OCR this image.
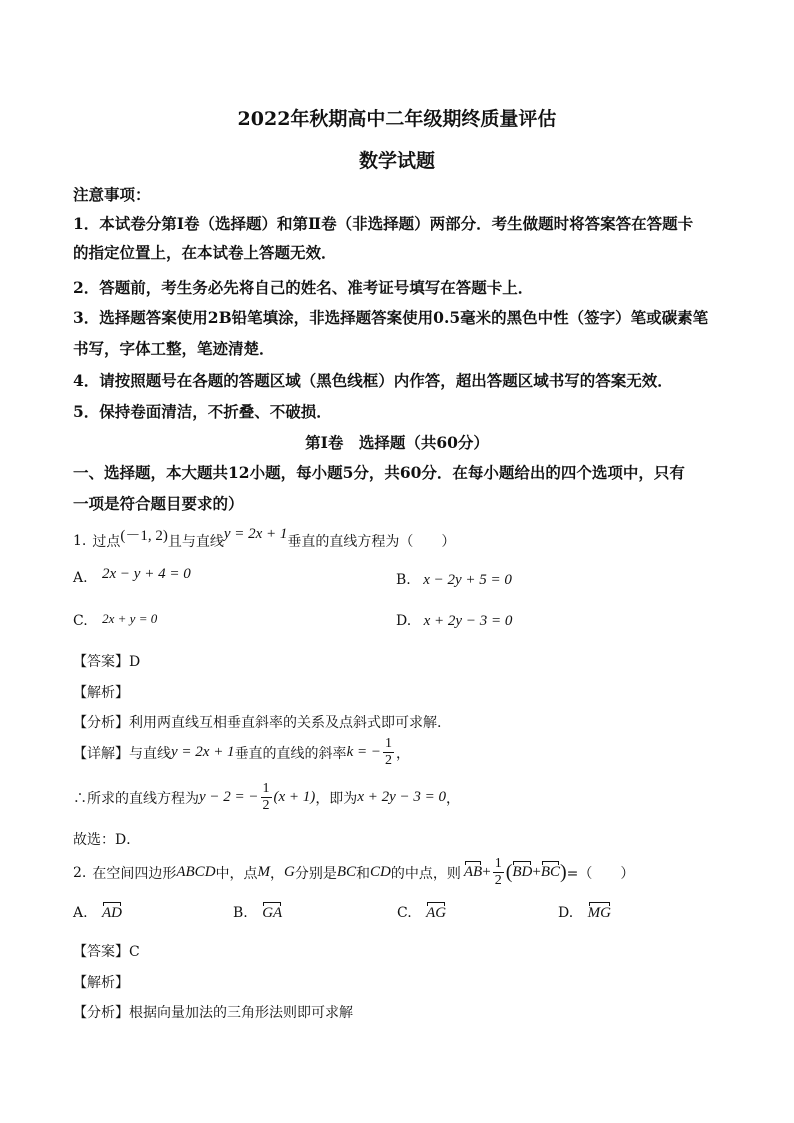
2022年秋期高中二年级期终质量评估
数学试题
注意事项：
1．本试卷分第Ⅰ卷（选择题）和第Ⅱ卷（非选择题）两部分．考生做题时将答案答在答题卡
的指定位置上，在本试卷上答题无效．
2．答题前，考生务必先将自己的姓名、准考证号填写在答题卡上．
3．选择题答案使用2B铅笔填涂，非选择题答案使用0.5毫米的黑色中性（签字）笔或碳素笔
书写，字体工整，笔迹清楚．
4．请按照题号在各题的答题区域（黑色线框）内作答，超出答题区域书写的答案无效．
5．保持卷面清洁，不折叠、不破损．
第Ⅰ卷　选择题（共60分）
一、选择题，本大题共12小题，每小题5分，共60分．在每小题给出的四个选项中，只有
一项是符合题目要求的）
1. 过点 (－1, 2) 且与直线 y = 2x + 1 垂直的直线方程为（　　）
A. 2x − y + 4 = 0	B. x − 2y + 5 = 0
C. 2x + y = 0	D. x + 2y − 3 = 0
【答案】D
【解析】
【分析】利用两直线互相垂直斜率的关系及点斜式即可求解.
【详解】 与直线 y = 2x + 1 垂直的直线的斜率 k = − $\frac{1}{2}$ ，
∴所求的直线方程为 y − 2 = − $\frac{1}{2} (x + 1)$ ，即为 x + 2y − 3 = 0 ，
故选：D．
2. 在空间四边形 ABCD 中，点 M ， G 分别是 BC 和 CD 的中点，则 AB + $\frac{1}{2}$ ( BD + BC ) =（　　）
A. AD	B. GA	C. AG	D. MG
【答案】C
【解析】
【分析】根据向量加法的三角形法则即可求解
